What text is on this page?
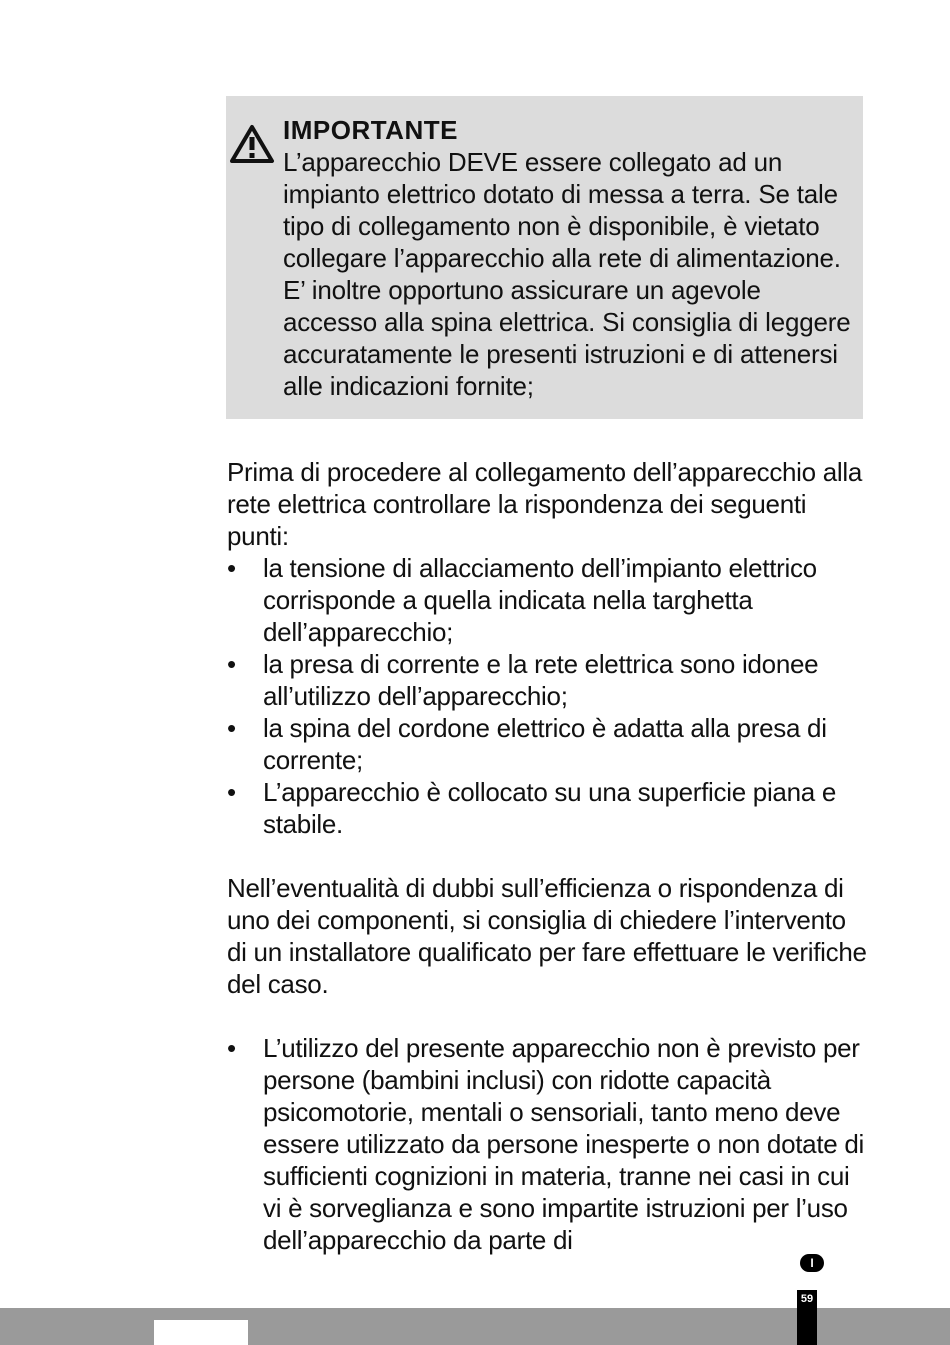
IMPORTANTE
L’apparecchio DEVE essere collegato ad un impianto elettrico dotato di messa a terra. Se tale tipo di collegamento non è disponibile, è vietato collegare l’apparecchio alla rete di alimentazione. E’ inoltre opportuno assicurare un agevole accesso alla spina elettrica. Si consiglia di leggere accuratamente le presenti istruzioni e di attenersi alle indicazioni fornite;

Prima di procedere al collegamento dell’apparecchio alla rete elettrica controllare la rispondenza dei seguenti punti:

• la tensione di allacciamento dell’impianto elettrico corrisponde a quella indicata nella targhetta dell’apparecchio;
• la presa di corrente e la rete elettrica sono idonee all’utilizzo dell’apparecchio;
• la spina del cordone elettrico è adatta alla presa di corrente;
• L’apparecchio è collocato su una superficie piana e stabile.

Nell’eventualità di dubbi sull’efficienza o rispondenza di uno dei componenti, si consiglia di chiedere l’intervento di un installatore qualificato per fare effettuare le verifiche del caso.

• L’utilizzo del presente apparecchio non è previsto per persone (bambini inclusi) con ridotte capacità psicomotorie, mentali o sensoriali, tanto meno deve essere utilizzato da persone inesperte o non dotate di sufficienti cognizioni in materia, tranne nei casi in cui vi è sorveglianza e sono impartite istruzioni per l’uso dell’apparecchio da parte di
I
59
